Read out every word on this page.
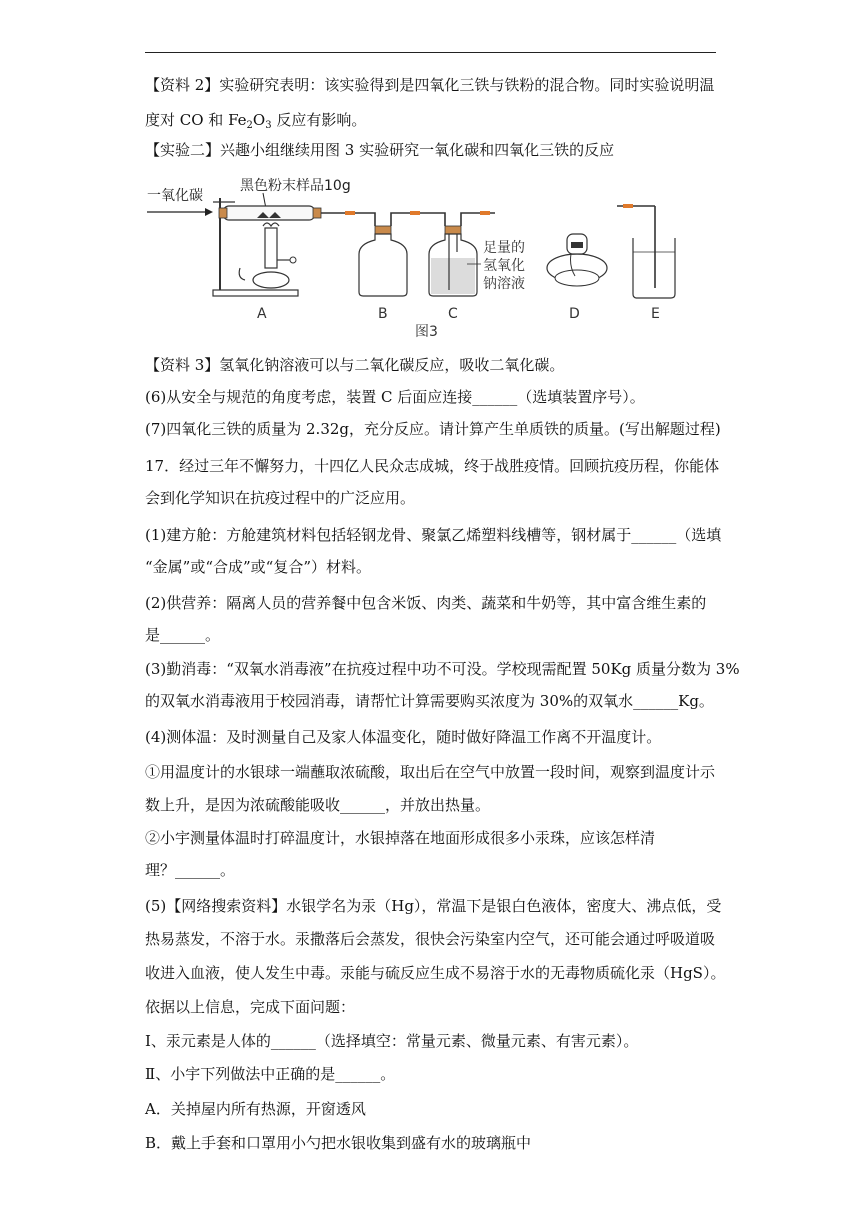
【资料 2】实验研究表明：该实验得到是四氧化三铁与铁粉的混合物。同时实验说明温
度对 CO 和 $Fe_2O_3$ 反应有影响。
【实验二】兴趣小组继续用图 3 实验研究一氧化碳和四氧化三铁的反应
一氧化碳
黑色粉末样品10g
足量的
氢氧化
钠溶液
A	B	C	D	E
图3
【资料 3】氢氧化钠溶液可以与二氧化碳反应，吸收二氧化碳。
(6)从安全与规范的角度考虑，装置 C 后面应连接______（选填装置序号）。
(7)四氧化三铁的质量为 2.32g，充分反应。请计算产生单质铁的质量。(写出解题过程)
17．经过三年不懈努力，十四亿人民众志成城，终于战胜疫情。回顾抗疫历程，你能体
会到化学知识在抗疫过程中的广泛应用。
(1)建方舱：方舱建筑材料包括轻钢龙骨、聚氯乙烯塑料线槽等，钢材属于______（选填
“金属”或“合成”或“复合”）材料。
(2)供营养：隔离人员的营养餐中包含米饭、肉类、蔬菜和牛奶等，其中富含维生素的
是______。
(3)勤消毒：“双氧水消毒液”在抗疫过程中功不可没。学校现需配置 50Kg 质量分数为 3%
的双氧水消毒液用于校园消毒，请帮忙计算需要购买浓度为 30%的双氧水______Kg。
(4)测体温：及时测量自己及家人体温变化，随时做好降温工作离不开温度计。
①用温度计的水银球一端蘸取浓硫酸，取出后在空气中放置一段时间，观察到温度计示
数上升，是因为浓硫酸能吸收______，并放出热量。
②小宇测量体温时打碎温度计，水银掉落在地面形成很多小汞珠，应该怎样清
理？______。
(5)【网络搜索资料】水银学名为汞（Hg），常温下是银白色液体，密度大、沸点低，受
热易蒸发，不溶于水。汞撒落后会蒸发，很快会污染室内空气，还可能会通过呼吸道吸
收进入血液，使人发生中毒。汞能与硫反应生成不易溶于水的无毒物质硫化汞（HgS）。
依据以上信息，完成下面问题：
I、汞元素是人体的______（选择填空：常量元素、微量元素、有害元素）。
Ⅱ、小宇下列做法中正确的是______。
A．关掉屋内所有热源，开窗透风
B．戴上手套和口罩用小勺把水银收集到盛有水的玻璃瓶中
